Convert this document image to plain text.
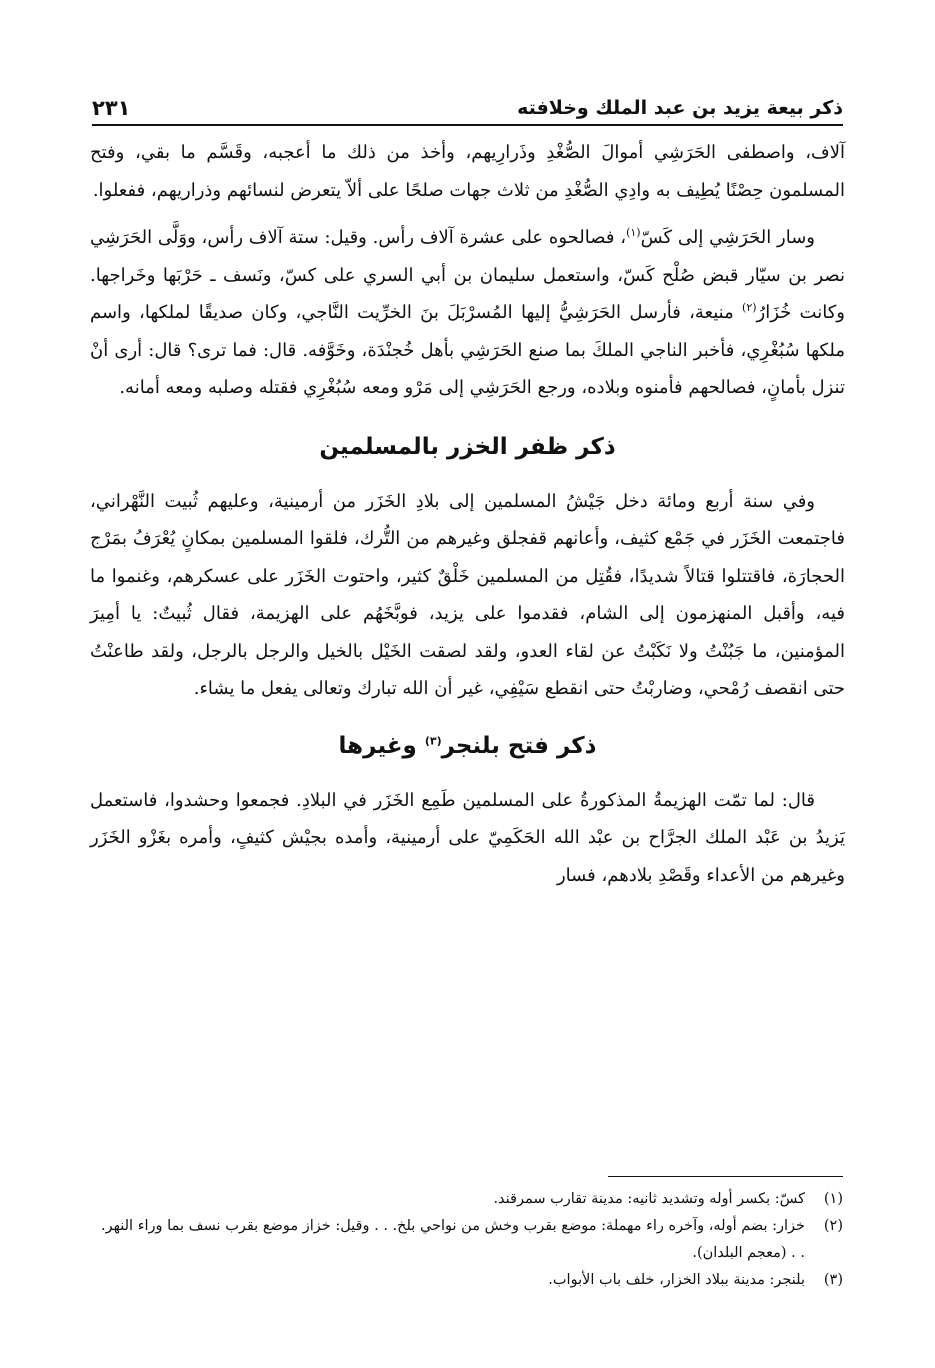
ذكر بيعة يزيد بن عبد الملك وخلافته
٢٣١

آلاف، واصطفى الحَرَشِي أموالَ الصُّغْدِ وذَرارِيهم، وأخذ من ذلك ما أعجبه، وقَسَّم ما بقي، وفتح المسلمون حِصْنًا يُطِيف به وادِي الصُّغْدِ من ثلاث جهات صلحًا على ألاّ يتعرض لنسائهم وذراريهم، ففعلوا.

وسار الحَرَشِي إلى كَسّ$^{(١)}$، فصالحوه على عشرة آلاف رأس. وقيل: ستة آلاف رأس، ووَلَّى الحَرَشِي نصر بن سيّار قبض صُلْح كَسّ، واستعمل سليمان بن أبي السري على كسّ، ونَسف ـ حَرْبَها وخَراجها. وكانت خُزَارُ$^{(٢)}$ منيعة، فأرسل الحَرَشِيُّ إليها المُسرْبَلَ بنَ الخرِّيت النَّاجي، وكان صديقًا لملكها، واسم ملكها سُبُغْرِي، فأخبر الناجي الملكَ بما صنع الحَرَشِي بأهل خُجنْدَة، وخَوَّفه. قال: فما ترى؟ قال: أرى أنْ تنزل بأمانٍ، فصالحهم فأمنوه وبلاده، ورجع الحَرَشِي إلى مَرْو ومعه سُبُغْرِي فقتله وصلبه ومعه أمانه.

ذكر ظفر الخزر بالمسلمين

وفي سنة أربع ومائة دخل جَيْشُ المسلمين إلى بلادِ الخَزَر من أرمينية، وعليهم ثُبيت النَّهْراني، فاجتمعت الخَزَر في جَمْع كثيف، وأعانهم قفجلق وغيرهم من التُّرك، فلقوا المسلمين بمكانٍ يُعْرَفُ بمَرْج الحجارَة، فاقتتلوا قتالاً شديدًا، فقُتِل من المسلمين خَلْقٌ كثير، واحتوت الخَزَر على عسكرهم، وغنموا ما فيه، وأقبل المنهزمون إلى الشام، فقدموا على يزيد، فوبَّخَهُم على الهزيمة، فقال ثُبيتٌ: يا أمِيرَ المؤمنين، ما جَبُنْتُ ولا نَكَبْتُ عن لقاء العدو، ولقد لصقت الخَيْل بالخيل والرجل بالرجل، ولقد طاعنْتُ حتى انقصف رُمْحي، وضاربْتُ حتى انقطع سَيْفِي، غير أن الله تبارك وتعالى يفعل ما يشاء.

ذكر فتح بلنجر$^{(٣)}$ وغيرها

قال: لما تمّت الهزيمةُ المذكورةُ على المسلمين طَمِع الخَزَر في البلادِ. فجمعوا وحشدوا، فاستعمل يَزيدُ بن عَبْد الملك الجرَّاح بن عبْد الله الحَكَمِيّ على أرمينية، وأمده بجيْش كثيفٍ، وأمره بغَزْو الخَزَر وغيرهم من الأعداء وقَصْدِ بلادهم، فسار

(١)
كسّ: بكسر أوله وتشديد ثانيه: مدينة تقارب سمرقند.
(٢)
خزار: بضم أوله، وآخره راء مهملة: موضع بقرب وخش من نواحي بلخ. . . وقيل: خزاز موضع بقرب نسف بما وراء النهر. . . (معجم البلدان).
(٣)
بلنجر: مدينة ببلاد الخزار، خلف باب الأبواب.
